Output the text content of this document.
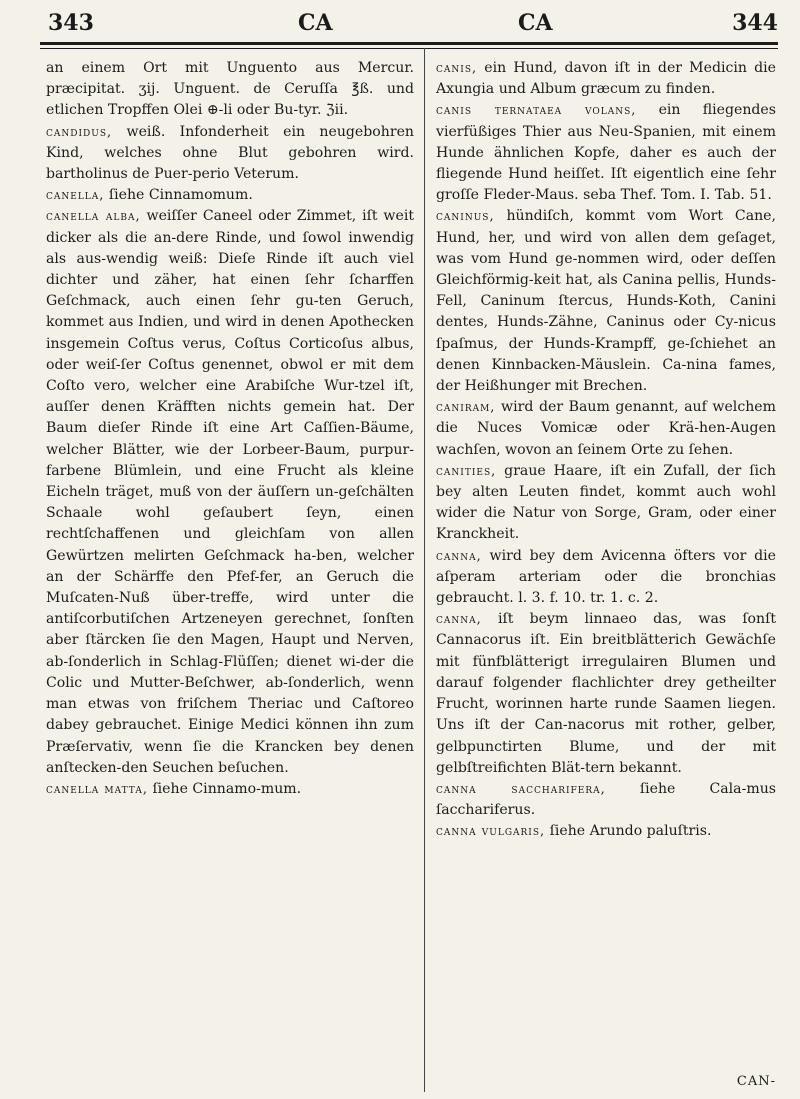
343	CA	CA	344

an einem Ort mit Unguento aus Mercur. præcipitat. ʒij. Unguent. de Ceruſſa ℥ß. und etlichen Tropffen Olei ⊕-li oder Bu-tyr. ℨii.

candidus, weiß. Infonderheit ein neugebohren Kind, welches ohne Blut gebohren wird. bartholinus de Puer-perio Veterum.

canella, ſiehe Cinnamomum.

canella alba, weiſſer Caneel oder Zimmet, iſt weit dicker als die an-dere Rinde, und ſowol inwendig als aus-wendig weiß: Dieſe Rinde iſt auch viel dichter und zäher, hat einen ſehr ſcharffen Geſchmack, auch einen ſehr gu-ten Geruch, kommet aus Indien, und wird in denen Apothecken insgemein Coſtus verus, Coſtus Corticoſus albus, oder weiſ-ſer Coſtus genennet, obwol er mit dem Coſto vero, welcher eine Arabiſche Wur-tzel iſt, auſſer denen Kräfften nichts gemein hat. Der Baum dieſer Rinde iſt eine Art Caſſien-Bäume, welcher Blätter, wie der Lorbeer-Baum, purpur-farbene Blümlein, und eine Frucht als kleine Eicheln träget, muß von der äuſſern un-geſchälten Schaale wohl geſaubert ſeyn, einen rechtſchaffenen und gleichſam von allen Gewürtzen melirten Geſchmack ha-ben, welcher an der Schärffe den Pfef-fer, an Geruch die Muſcaten-Nuß über-treffe, wird unter die antiſcorbutiſchen Artzeneyen gerechnet, ſonſten aber ſtärcken ſie den Magen, Haupt und Nerven, ab-ſonderlich in Schlag-Flüſſen; dienet wi-der die Colic und Mutter-Beſchwer, ab-ſonderlich, wenn man etwas von friſchem Theriac und Caſtoreo dabey gebrauchet. Einige Medici können ihn zum Præſervativ, wenn ſie die Krancken bey denen anſtecken-den Seuchen beſuchen.

canella matta, ſiehe Cinnamo-mum.

canis, ein Hund, davon iſt in der Medicin die Axungia und Album græcum zu finden.

canis ternataea volans, ein fliegendes vierfüßiges Thier aus Neu-Spanien, mit einem Hunde ähnlichen Kopfe, daher es auch der fliegende Hund heiſſet. Iſt eigentlich eine ſehr groſſe Fleder-Maus. seba Thef. Tom. I. Tab. 51.

caninus, hündiſch, kommt vom Wort Cane, Hund, her, und wird von allen dem geſaget, was vom Hund ge-nommen wird, oder deſſen Gleichförmig-keit hat, als Canina pellis, Hunds-Fell, Caninum ſtercus, Hunds-Koth, Canini dentes, Hunds-Zähne, Caninus oder Cy-nicus ſpaſmus, der Hunds-Krampff, ge-ſchiehet an denen Kinnbacken-Mäuslein. Ca-nina fames, der Heißhunger mit Brechen.

caniram, wird der Baum genannt, auf welchem die Nuces Vomicæ oder Krä-hen-Augen wachſen, wovon an ſeinem Orte zu ſehen.

canities, graue Haare, iſt ein Zufall, der ſich bey alten Leuten findet, kommt auch wohl wider die Natur von Sorge, Gram, oder einer Kranckheit.

canna, wird bey dem Avicenna öfters vor die aſperam arteriam oder die bronchias gebraucht. l. 3. f. 10. tr. 1. c. 2.

canna, iſt beym linnaeo das, was ſonſt Cannacorus iſt. Ein breitblätterich Gewächſe mit fünfblätterigt irregulairen Blumen und darauf folgender flachlichter drey getheilter Frucht, worinnen harte runde Saamen liegen. Uns iſt der Can-nacorus mit rother, gelber, gelbpunctirten Blume, und der mit gelbſtreifichten Blät-tern bekannt.

canna saccharifera, ſiehe Cala-mus ſacchariferus.

canna vulgaris, ſiehe Arundo paluſtris.

CAN-
